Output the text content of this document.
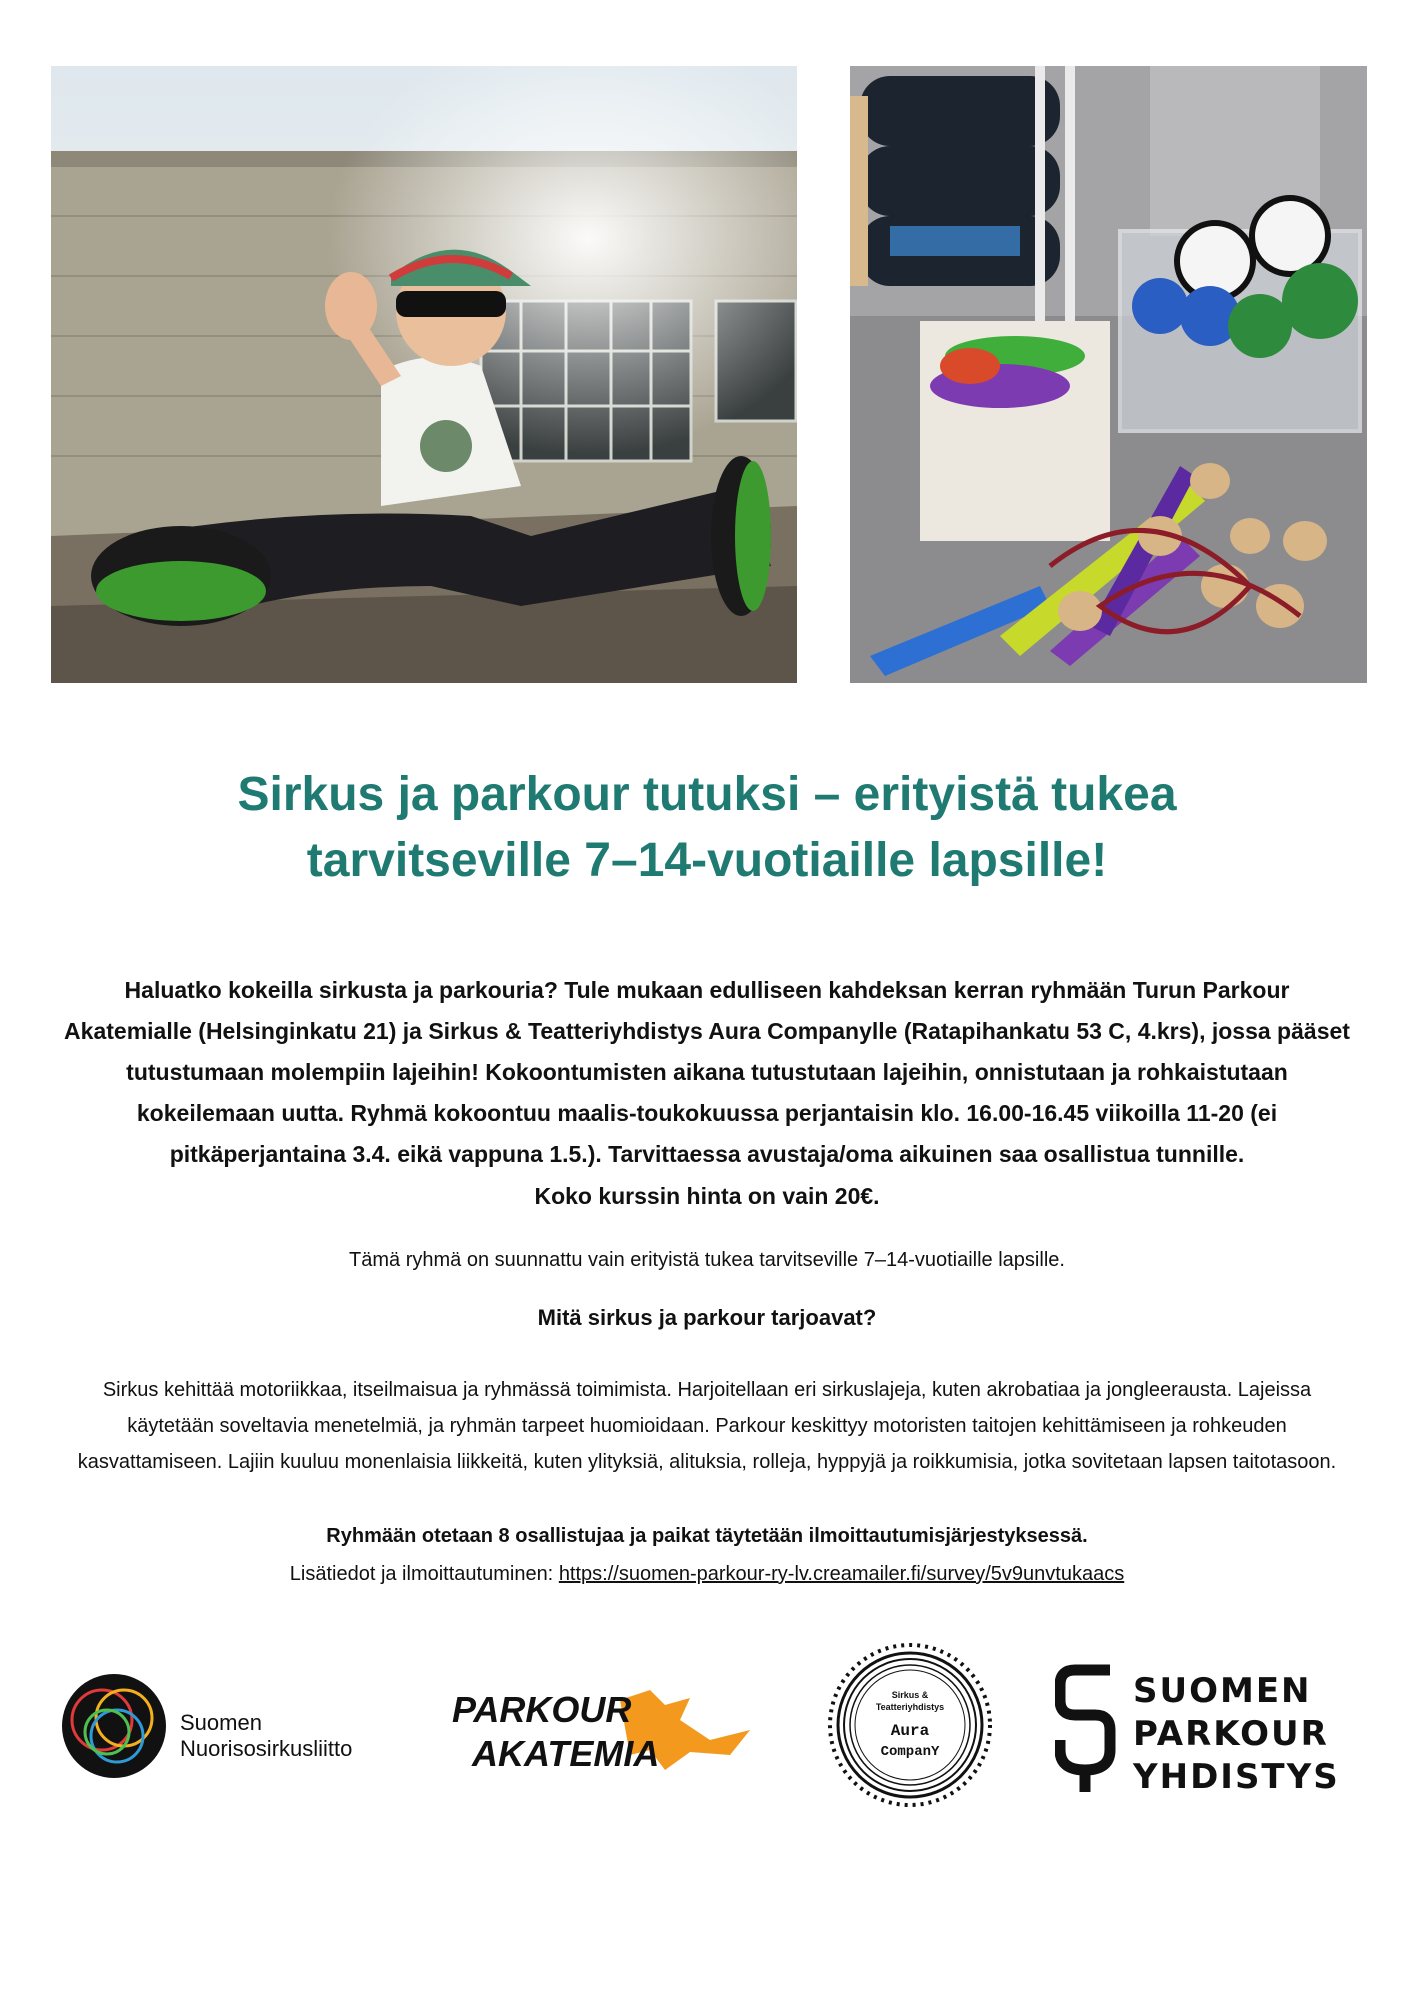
Sirkus ja parkour tutuksi – erityistä tukea
tarvitseville 7–14-vuotiaille lapsille!

Haluatko kokeilla sirkusta ja parkouria? Tule mukaan edulliseen kahdeksan kerran ryhmään Turun Parkour
Akatemialle (Helsinginkatu 21) ja Sirkus & Teatteriyhdistys Aura Companylle (Ratapihankatu 53 C, 4.krs), jossa pääset
tutustumaan molempiin lajeihin! Kokoontumisten aikana tutustutaan lajeihin, onnistutaan ja rohkaistutaan
kokeilemaan uutta. Ryhmä kokoontuu maalis-toukokuussa perjantaisin klo. 16.00-16.45 viikoilla 11-20 (ei
pitkäperjantaina 3.4. eikä vappuna 1.5.). Tarvittaessa avustaja/oma aikuinen saa osallistua tunnille.

Koko kurssin hinta on vain 20€.

Tämä ryhmä on suunnattu vain erityistä tukea tarvitseville 7–14-vuotiaille lapsille.

Mitä sirkus ja parkour tarjoavat?

Sirkus kehittää motoriikkaa, itseilmaisua ja ryhmässä toimimista. Harjoitellaan eri sirkuslajeja, kuten akrobatiaa ja jongleerausta. Lajeissa
käytetään soveltavia menetelmiä, ja ryhmän tarpeet huomioidaan. Parkour keskittyy motoristen taitojen kehittämiseen ja rohkeuden
kasvattamiseen. Lajiin kuuluu monenlaisia liikkeitä, kuten ylityksiä, alituksia, rolleja, hyppyjä ja roikkumisia, jotka sovitetaan lapsen taitotasoon.

Ryhmään otetaan 8 osallistujaa ja paikat täytetään ilmoittautumisjärjestyksessä.

Lisätiedot ja ilmoittautuminen: https://suomen-parkour-ry-lv.creamailer.fi/survey/5v9unvtukaacs

Suomen
Nuorisosirkusliitto
PARKOUR
AKATEMIA
Sirkus &
Teatteriyhdistys
Aura
CompanY
SUOMEN
PARKOUR
YHDISTYS
